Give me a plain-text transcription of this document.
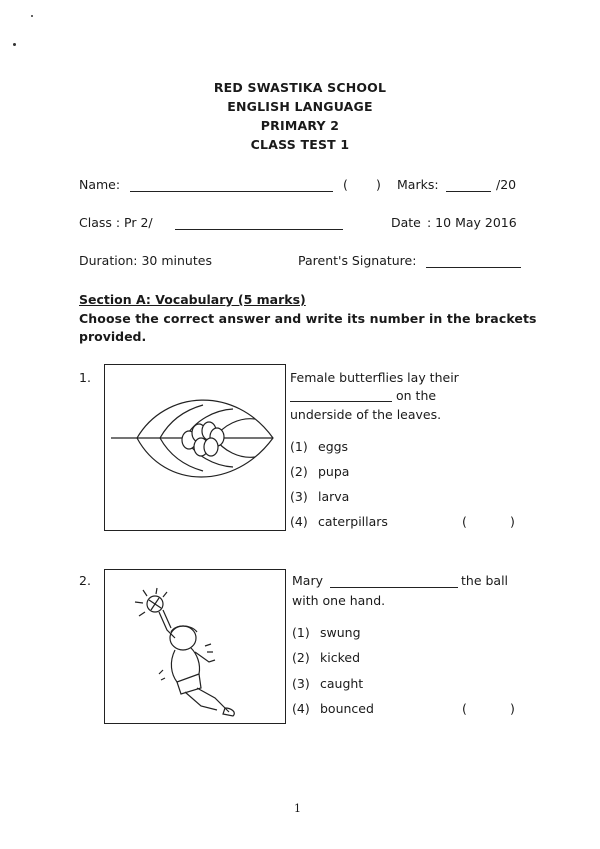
RED SWASTIKA SCHOOL
ENGLISH LANGUAGE
PRIMARY 2
CLASS TEST 1
Name:	( ) Marks:	/20
Class : Pr 2/	Date : 10 May 2016
Duration: 30 minutes	Parent's Signature:
Section A: Vocabulary (5 marks)
Choose the correct answer and write its number in the brackets
provided.
1.	Female butterflies lay their
on the
underside of the leaves.
(1) eggs
(2) pupa
(3) larva
(4) caterpillars	(	)
2.	Mary	the ball
with one hand.
(1) swung
(2) kicked
(3) caught
(4) bounced	(	)
1
